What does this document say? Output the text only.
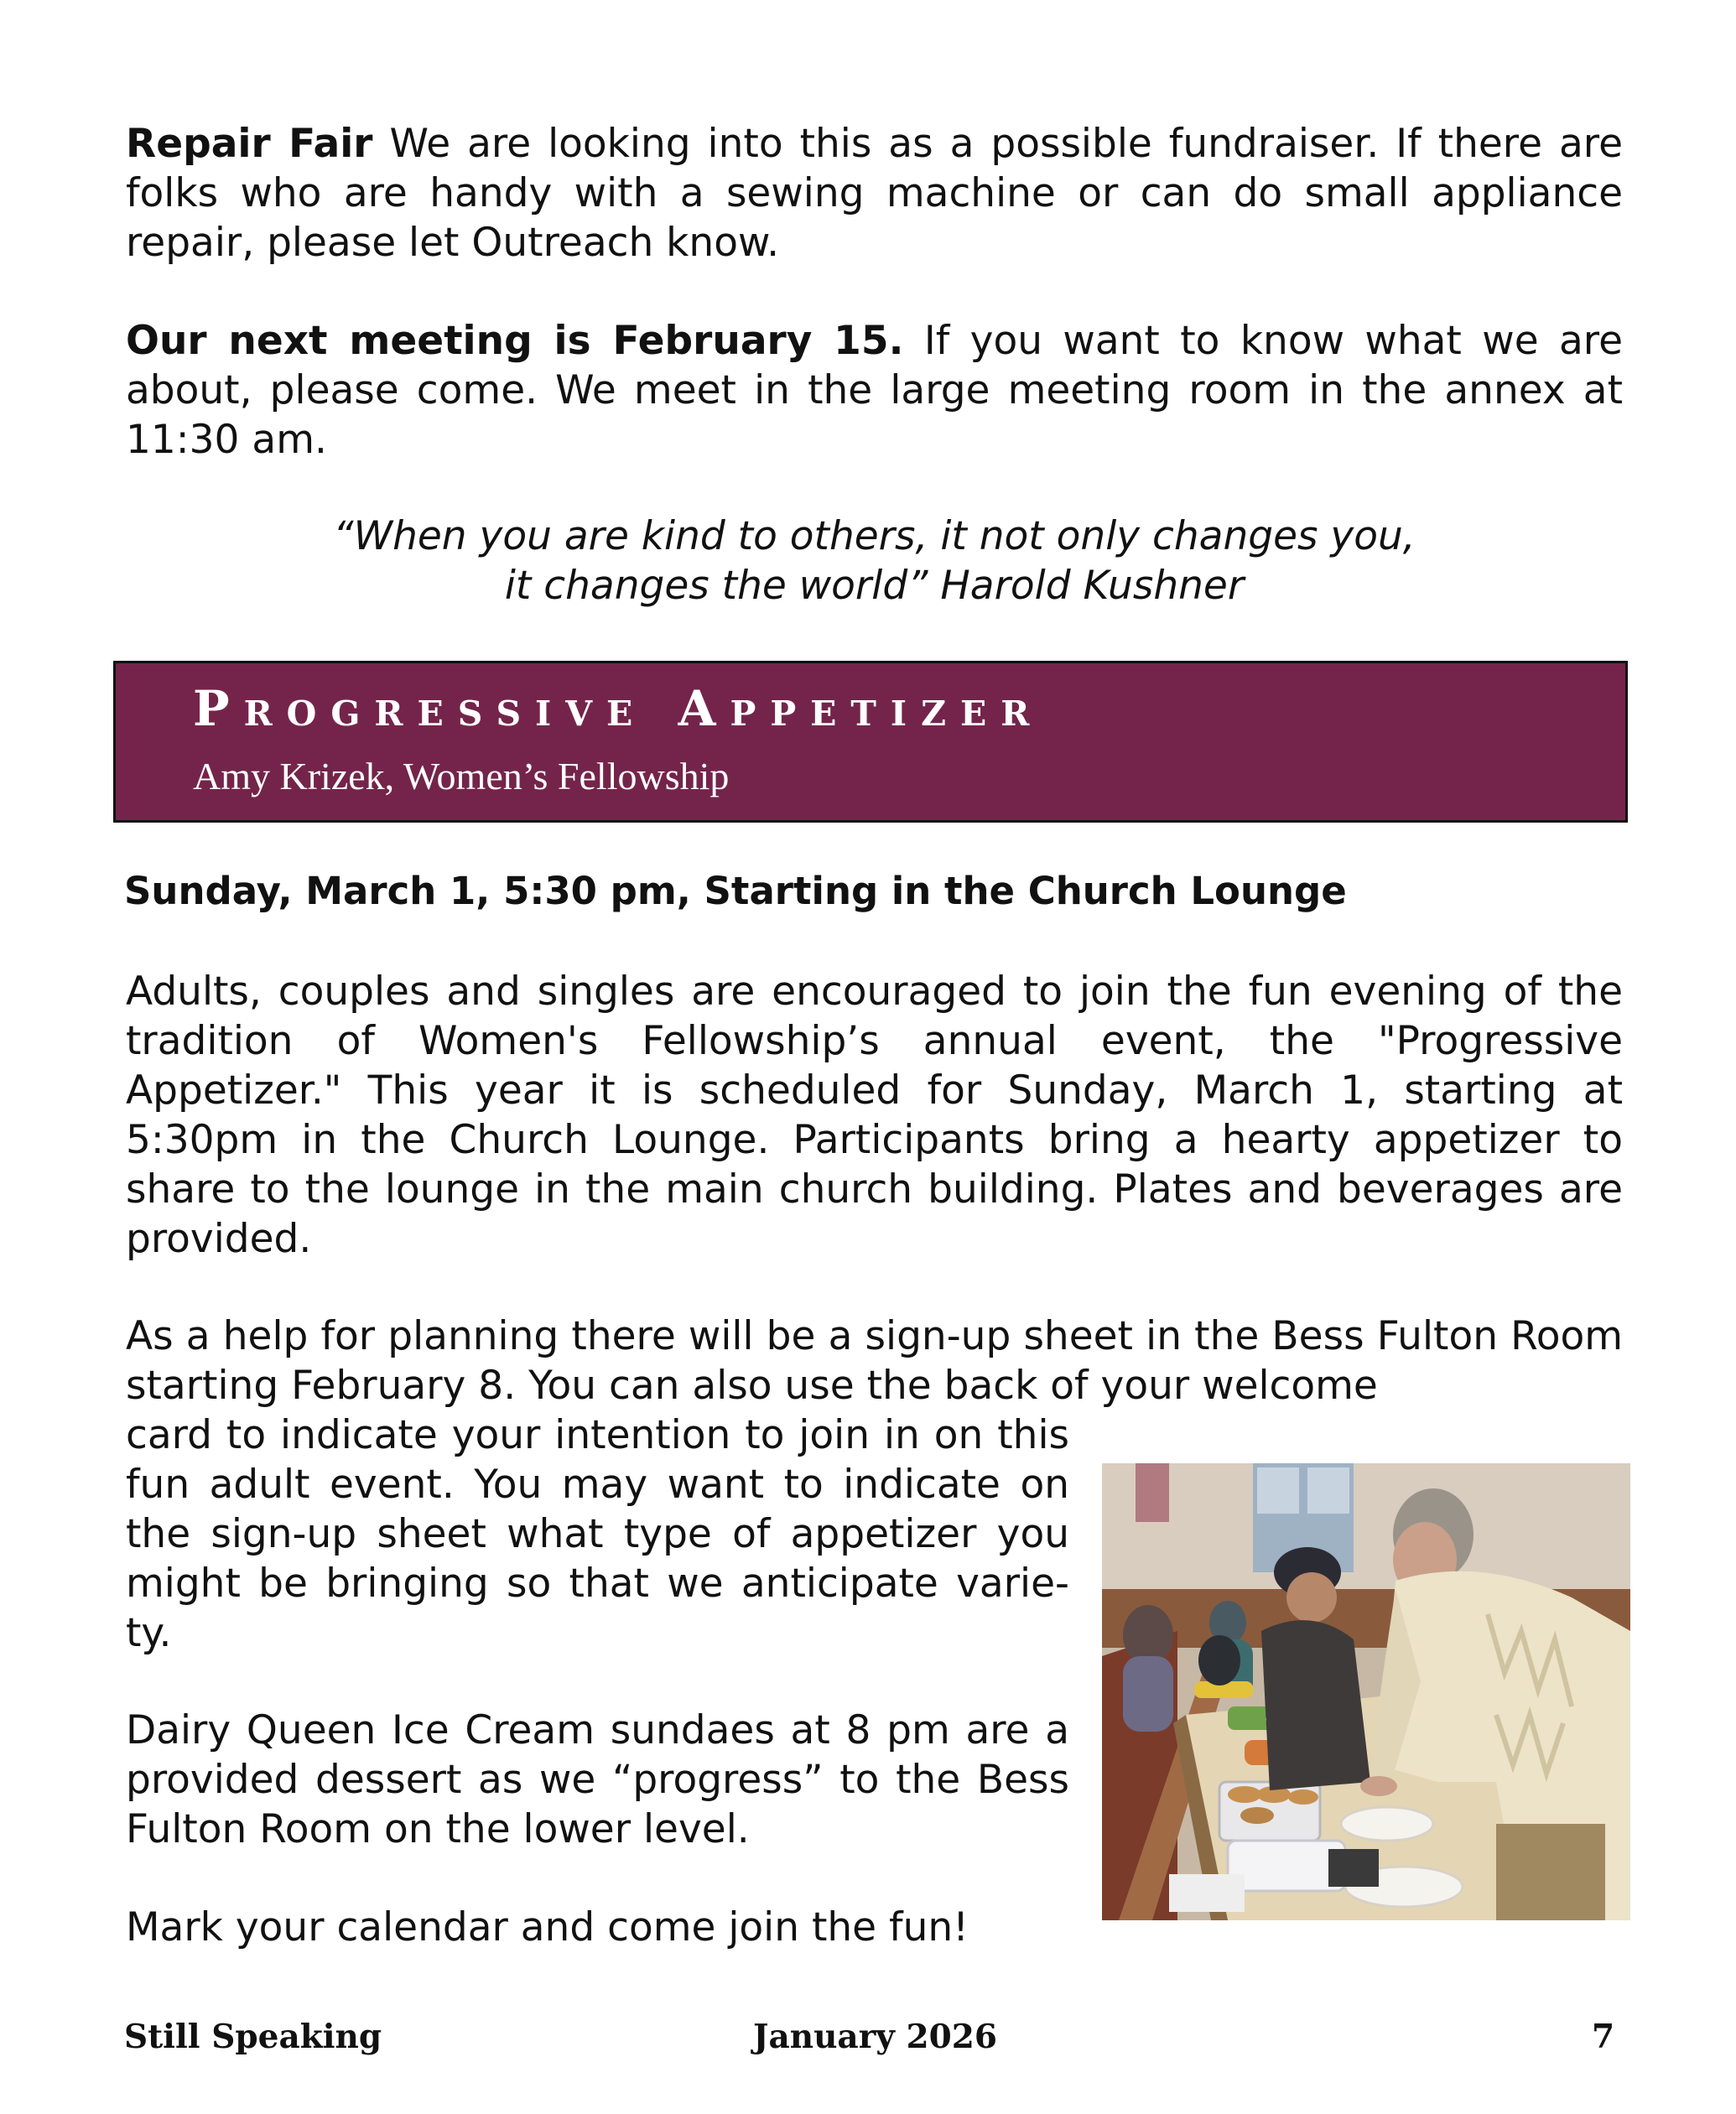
Repair Fair We are looking into this as a possible fundraiser. If there are folks who are handy with a sewing machine or can do small appliance repair, please let Outreach know.

Our next meeting is February 15. If you want to know what we are about, please come. We meet in the large meeting room in the annex at 11:30 am.

“When you are kind to others, it not only changes you,
it changes the world” Harold Kushner
Progressive Appetizer
Amy Krizek, Women’s Fellowship
Sunday, March 1, 5:30 pm, Starting in the Church Lounge

Adults, couples and singles are encouraged to join the fun evening of the tradition of Women's Fellowship’s annual event, the "Progressive Appetizer." This year it is scheduled for Sunday, March 1, starting at 5:30pm in the Church Lounge. Participants bring a hearty appetizer to share to the lounge in the main church building. Plates and beverages are provided.

As a help for planning there will be a sign-up sheet in the Bess Fulton Room starting February 8. You can also use the back of your welcome

card to indicate your intention to join in on this fun adult event. You may want to indicate on the sign-up sheet what type of appetizer you might be bringing so that we anticipate varie-ty.

Dairy Queen Ice Cream sundaes at 8 pm are a provided dessert as we “progress” to the Bess Fulton Room on the lower level.

Mark your calendar and come join the fun!

Still Speaking	January 2026	7
